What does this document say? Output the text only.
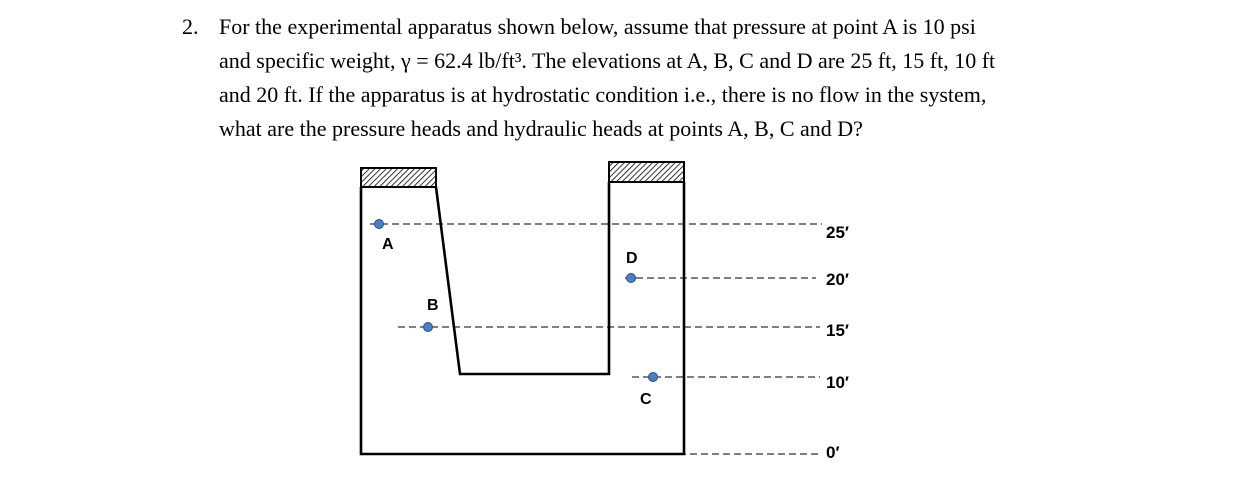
2. For the experimental apparatus shown below, assume that pressure at point A is 10 psi
and specific weight, γ = 62.4 lb/ft³. The elevations at A, B, C and D are 25 ft, 15 ft, 10 ft
and 20 ft. If the apparatus is at hydrostatic condition i.e., there is no flow in the system,
what are the pressure heads and hydraulic heads at points A, B, C and D?
A
B
C
D
25′
20′
15′
10′
0′
